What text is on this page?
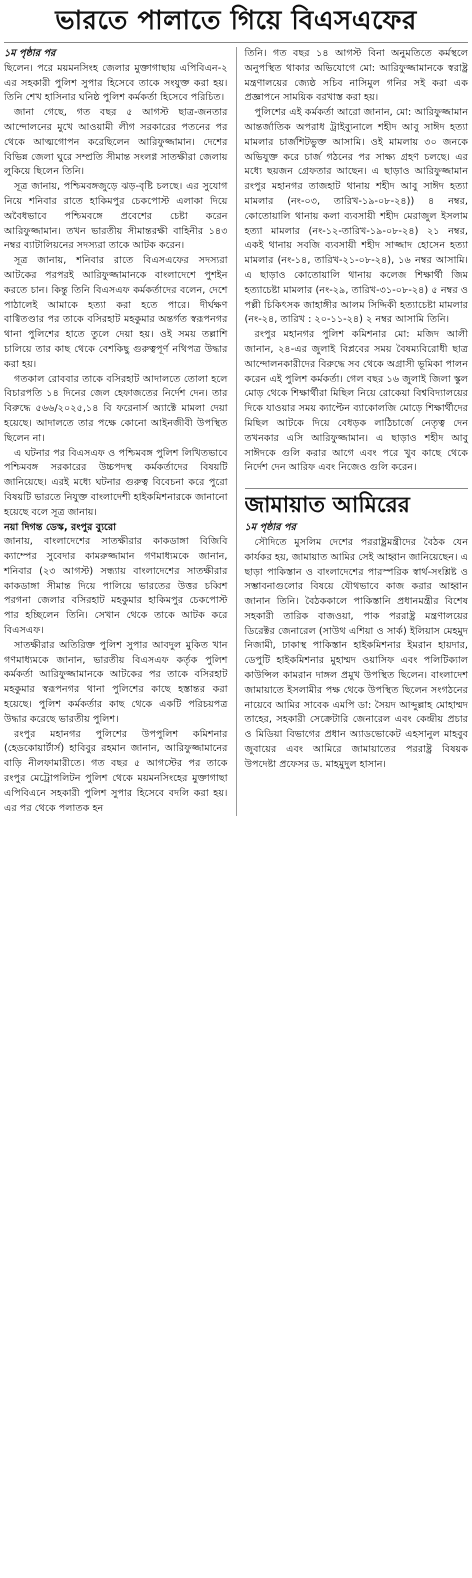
ভারতে পালাতে গিয়ে বিএসএফের

১ম পৃষ্ঠার পর

ছিলেন। পরে ময়মনসিংহ জেলার মুক্তাগাছায় এপিবিএন-২ এর সহকারী পুলিশ সুপার হিসেবে তাকে সংযুক্ত করা হয়। তিনি শেখ হাসিনার ঘনিষ্ঠ পুলিশ কর্মকর্তা হিসেবে পরিচিত।

জানা গেছে, গত বছর ৫ আগস্ট ছাত্র-জনতার আন্দোলনের মুখে আওয়ামী লীগ সরকারের পতনের পর থেকে আত্মগোপন করেছিলেন আরিফুজ্জামান। দেশের বিভিন্ন জেলা ঘুরে সম্প্রতি সীমান্ত সংলগ্ন সাতক্ষীরা জেলায় লুকিয়ে ছিলেন তিনি।

সূত্র জানায়, পশ্চিমবঙ্গজুড়ে ঝড়-বৃষ্টি চলছে। এর সুযোগ নিয়ে শনিবার রাতে হাকিমপুর চেকপোস্ট এলাকা দিয়ে অবৈধভাবে পশ্চিমবঙ্গে প্রবেশের চেষ্টা করেন আরিফুজ্জামান। তখন ভারতীয় সীমান্তরক্ষী বাহিনীর ১৪৩ নম্বর ব্যাটালিয়নের সদস্যরা তাকে আটক করেন।

সূত্র জানায়, শনিবার রাতে বিএসএফের সদস্যরা আটকের পরপরই আরিফুজ্জামানকে বাংলাদেশে পুশইন করতে চান। কিন্তু তিনি বিএসএফ কর্মকর্তাদের বলেন, দেশে পাঠালেই আমাকে হত্যা করা হতে পারে। দীর্ঘক্ষণ বাগ্বিতণ্ডার পর তাকে বসিরহাট মহকুমার অন্তর্গত স্বরূপনগর থানা পুলিশের হাতে তুলে দেয়া হয়। ওই সময় তল্লাশি চালিয়ে তার কাছ থেকে বেশকিছু গুরুত্বপূর্ণ নথিপত্র উদ্ধার করা হয়।

গতকাল রোববার তাকে বসিরহাট আদালতে তোলা হলে বিচারপতি ১৪ দিনের জেল হেফাজতের নির্দেশ দেন। তার বিরুদ্ধে ৫৬৬/২০২৫,১৪ বি ফরেনার্স অ্যাক্টে মামলা দেয়া হয়েছে। আদালতে তার পক্ষে কোনো আইনজীবী উপস্থিত ছিলেন না।

এ ঘটনার পর বিএসএফ ও পশ্চিমবঙ্গ পুলিশ লিখিতভাবে পশ্চিমবঙ্গ সরকারের উচ্চপদস্থ কর্মকর্তাদের বিষয়টি জানিয়েছে। এরই মধ্যে ঘটনার গুরুত্ব বিবেচনা করে পুরো বিষয়টি ভারতে নিযুক্ত বাংলাদেশী হাইকমিশনারকে জানানো হয়েছে বলে সূত্র জানায়।

নয়া দিগন্ত ডেস্ক, রংপুর ব্যুরো

জানায়, বাংলাদেশের সাতক্ষীরার কাকডাঙ্গা বিজিবি ক্যাম্পের সুবেদার কামরুজ্জামান গণমাধ্যমকে জানান, শনিবার (২৩ আগস্ট) সন্ধ্যায় বাংলাদেশের সাতক্ষীরার কাকডাঙ্গা সীমান্ত দিয়ে পালিয়ে ভারতের উত্তর চব্বিশ পরগনা জেলার বসিরহাট মহকুমার হাকিমপুর চেকপোস্ট পার হচ্ছিলেন তিনি। সেখান থেকে তাকে আটক করে বিএসএফ।

সাতক্ষীরার অতিরিক্ত পুলিশ সুপার আবদুল মুকিত খান গণমাধ্যমকে জানান, ভারতীয় বিএসএফ কর্তৃক পুলিশ কর্মকর্তা আরিফুজ্জামানকে আটকের পর তাকে বসিরহাট মহকুমার স্বরূপনগর থানা পুলিশের কাছে হস্তান্তর করা হয়েছে। পুলিশ কর্মকর্তার কাছ থেকে একটি পরিচয়পত্র উদ্ধার করেছে ভারতীয় পুলিশ।

রংপুর মহানগর পুলিশের উপপুলিশ কমিশনার (হেডকোয়ার্টার্স) হাবিবুর রহমান জানান, আরিফুজ্জামানের বাড়ি নীলফামারীতে। গত বছর ৫ আগস্টের পর তাকে রংপুর মেট্রোপলিটন পুলিশ থেকে ময়মনসিংহের মুক্তাগাছা এপিবিএনে সহকারী পুলিশ সুপার হিসেবে বদলি করা হয়। এর পর থেকে পলাতক হন

তিনি। গত বছর ১৪ আগস্ট বিনা অনুমতিতে কর্মস্থলে অনুপস্থিত থাকার অভিযোগে মো: আরিফুজ্জামানকে স্বরাষ্ট্র মন্ত্রণালয়ের জ্যেষ্ঠ সচিব নাসিমুল গনির সই করা এক প্রজ্ঞাপনে সাময়িক বরখাস্ত করা হয়।

পুলিশের এই কর্মকর্তা আরো জানান, মো: আরিফুজ্জামান আন্তর্জাতিক অপরাধ ট্রাইব্যুনালে শহীদ আবু সাঈদ হত্যা মামলার চার্জশিটভুক্ত আসামি। ওই মামলায় ৩০ জনকে অভিযুক্ত করে চার্জ গঠনের পর সাক্ষ্য গ্রহণ চলছে। এর মধ্যে ছয়জন গ্রেফতার আছেন। এ ছাড়াও আরিফুজ্জামান রংপুর মহানগর তাজহাট থানায় শহীদ আবু সাঈদ হত্যা মামলার (নং-০৩, তারিখ-১৯-০৮-২৪)) ৪ নম্বর, কোতোয়ালি থানায় কলা ব্যবসায়ী শহীদ মেরাজুল ইসলাম হত্যা মামলার (নং-১২-তারিখ-১৯-০৮-২৪) ২১ নম্বর, একই থানায় সবজি ব্যবসায়ী শহীদ সাজ্জাদ হোসেন হত্যা মামলার (নং-১৪, তারিখ-২১-০৮-২৪), ১৬ নম্বর আসামি। এ ছাড়াও কোতোয়ালি থানায় কলেজ শিক্ষার্থী জিম হত্যাচেষ্টা মামলার (নং-২৯, তারিখ-৩১-০৮-২৪) ৫ নম্বর ও পল্লী চিকিৎসক জাহাঙ্গীর আলম সিদ্দিকী হত্যাচেষ্টা মামলার (নং-২৪, তারিখ : ২০-১১-২৪) ২ নম্বর আসামি তিনি।

রংপুর মহানগর পুলিশ কমিশনার মো: মজিদ আলী জানান, ২৪-এর জুলাই বিপ্লবের সময় বৈষম্যবিরোধী ছাত্র আন্দোলনকারীদের বিরুদ্ধে সব থেকে অগ্রাসী ভূমিকা পালন করেন এই পুলিশ কর্মকর্তা। গেল বছর ১৬ জুলাই জিলা স্কুল মোড় থেকে শিক্ষার্থীরা মিছিল নিয়ে রোকেয়া বিশ্ববিদ্যালয়ের দিকে যাওয়ার সময় ক্যাপ্টেন ব্যাকোলজি মোড়ে শিক্ষার্থীদের মিছিল আটকে দিয়ে বেধড়ক লাঠিচার্জে নেতৃত্ব দেন তখনকার এসি আরিফুজ্জামান। এ ছাড়াও শহীদ আবু সাঈদকে গুলি করার আগে এবং পরে খুব কাছে থেকে নির্দেশ দেন আরিফ এবং নিজেও গুলি করেন।

জামায়াত আমিরের

১ম পৃষ্ঠার পর

সৌদিতে মুসলিম দেশের পররাষ্ট্রমন্ত্রীদের বৈঠক যেন কার্যকর হয়, জামায়াত আমির সেই আহ্বান জানিয়েছেন। এ ছাড়া পাকিস্তান ও বাংলাদেশের পারস্পরিক স্বার্থ-সংশ্লিষ্ট ও সম্ভাবনাগুলোর বিষয়ে যৌথভাবে কাজ করার আহ্বান জানান তিনি। বৈঠককালে পাকিস্তানি প্রধানমন্ত্রীর বিশেষ সহকারী তারিক বাজওয়া, পাক পররাষ্ট্র মন্ত্রণালয়ের ডিরেক্টর জেনারেল (সাউথ এশিয়া ও সার্ক) ইলিয়াস মেহমুদ নিজামী, ঢাকাস্থ পাকিস্তান হাইকমিশনার ইমরান হায়দার, ডেপুটি হাইকমিশনার মুহাম্মদ ওয়াসিফ এবং পলিটিক্যাল কাউন্সিল কামরান দাঙ্গল প্রমুখ উপস্থিত ছিলেন। বাংলাদেশ জামায়াতে ইসলামীর পক্ষ থেকে উপস্থিত ছিলেন সংগঠনের নায়েবে আমির সাবেক এমপি ডা: সৈয়দ আব্দুল্লাহ মোহাম্মদ তাহের, সহকারী সেক্রেটারি জেনারেল এবং কেন্দ্রীয় প্রচার ও মিডিয়া বিভাগের প্রধান অ্যাডভোকেট এহসানুল মাহবুব জুবায়ের এবং আমিরে জামায়াতের পররাষ্ট্র বিষয়ক উপদেষ্টা প্রফেসর ড. মাহমুদুল হাসান।
